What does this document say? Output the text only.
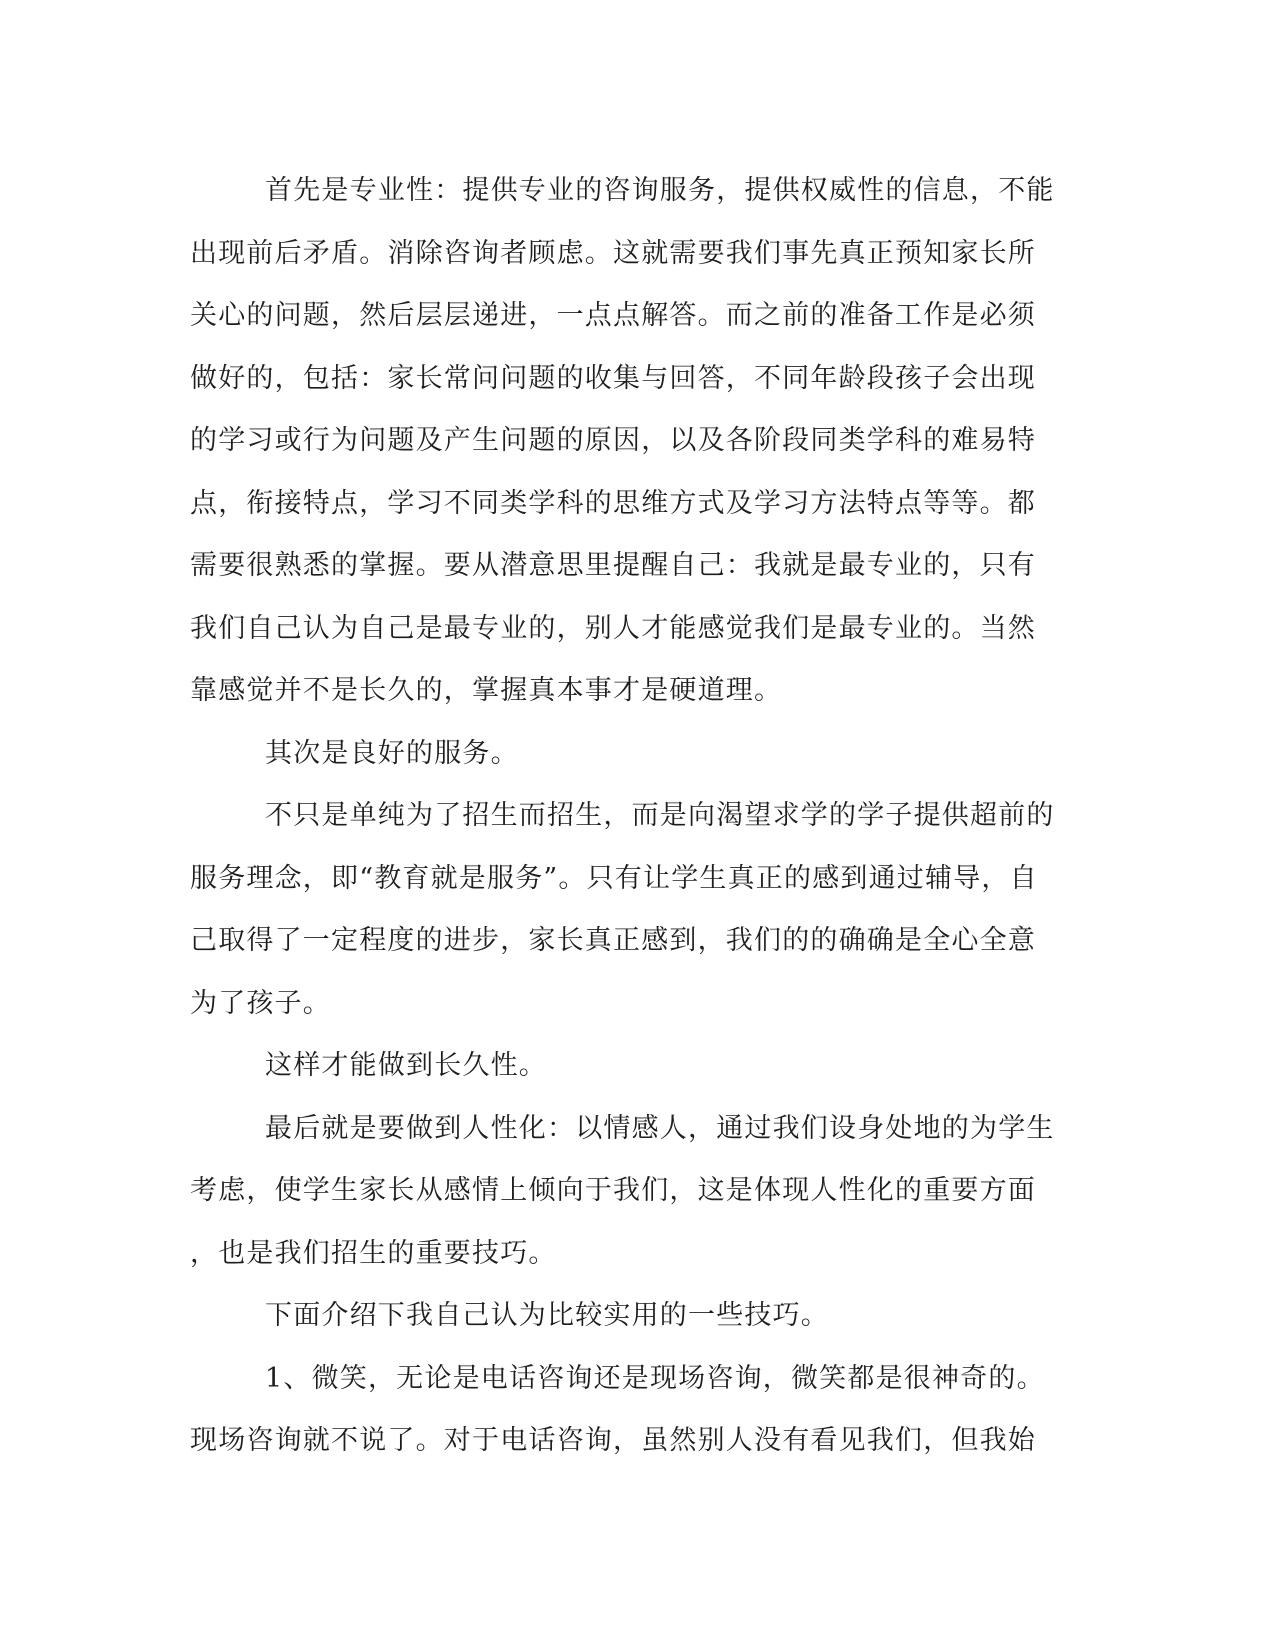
首先是专业性：提供专业的咨询服务，提供权威性的信息，不能
出现前后矛盾。消除咨询者顾虑。这就需要我们事先真正预知家长所
关心的问题，然后层层递进，一点点解答。而之前的准备工作是必须
做好的，包括：家长常问问题的收集与回答，不同年龄段孩子会出现
的学习或行为问题及产生问题的原因，以及各阶段同类学科的难易特
点，衔接特点，学习不同类学科的思维方式及学习方法特点等等。都
需要很熟悉的掌握。要从潜意思里提醒自己：我就是最专业的，只有
我们自己认为自己是最专业的，别人才能感觉我们是最专业的。当然
靠感觉并不是长久的，掌握真本事才是硬道理。
其次是良好的服务。
不只是单纯为了招生而招生，而是向渴望求学的学子提供超前的
服务理念，即“教育就是服务”。只有让学生真正的感到通过辅导，自
己取得了一定程度的进步，家长真正感到，我们的的确确是全心全意
为了孩子。
这样才能做到长久性。
最后就是要做到人性化：以情感人，通过我们设身处地的为学生
考虑，使学生家长从感情上倾向于我们，这是体现人性化的重要方面
，也是我们招生的重要技巧。
下面介绍下我自己认为比较实用的一些技巧。
1、微笑，无论是电话咨询还是现场咨询，微笑都是很神奇的。
现场咨询就不说了。对于电话咨询，虽然别人没有看见我们，但我始
